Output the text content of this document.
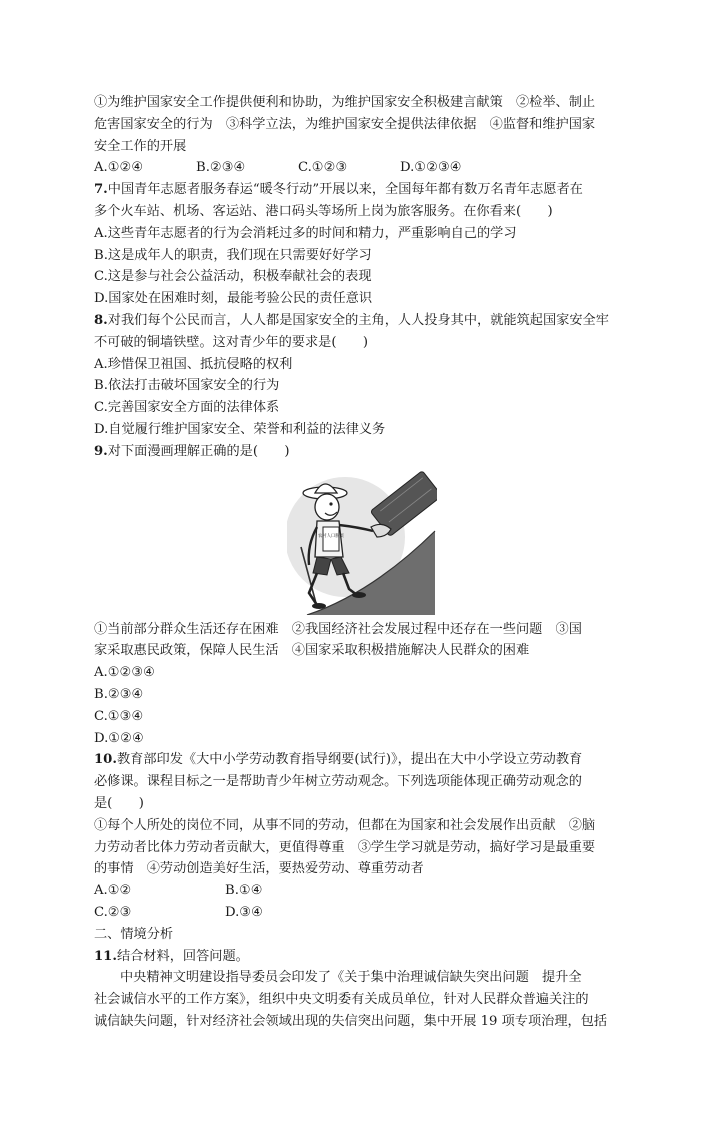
①为维护国家安全工作提供便利和协助，为维护国家安全积极建言献策　②检举、制止
危害国家安全的行为　③科学立法，为维护国家安全提供法律依据　④监督和维护国家
安全工作的开展
A.①②④	B.②③④	C.①②③	D.①②③④
7.中国青年志愿者服务春运“暖冬行动”开展以来，全国每年都有数万名青年志愿者在
多个火车站、机场、客运站、港口码头等场所上岗为旅客服务。在你看来(　　)
A.这些青年志愿者的行为会消耗过多的时间和精力，严重影响自己的学习
B.这是成年人的职责，我们现在只需要好好学习
C.这是参与社会公益活动，积极奉献社会的表现
D.国家处在困难时刻，最能考验公民的责任意识
8.对我们每个公民而言，人人都是国家安全的主角，人人投身其中，就能筑起国家安全牢
不可破的铜墙铁壁。这对青少年的要求是(　　)
A.珍惜保卫祖国、抵抗侵略的权利
B.依法打击破坏国家安全的行为
C.完善国家安全方面的法律体系
D.自觉履行维护国家安全、荣誉和利益的法律义务
9.对下面漫画理解正确的是(　　)
农村人口脱贫
①当前部分群众生活还存在困难　②我国经济社会发展过程中还存在一些问题　③国
家采取惠民政策，保障人民生活　④国家采取积极措施解决人民群众的困难
A.①②③④
B.②③④
C.①③④
D.①②④
10.教育部印发《大中小学劳动教育指导纲要(试行)》，提出在大中小学设立劳动教育
必修课。课程目标之一是帮助青少年树立劳动观念。下列选项能体现正确劳动观念的
是(　　)
①每个人所处的岗位不同，从事不同的劳动，但都在为国家和社会发展作出贡献　②脑
力劳动者比体力劳动者贡献大，更值得尊重　③学生学习就是劳动，搞好学习是最重要
的事情　④劳动创造美好生活，要热爱劳动、尊重劳动者
A.①②	B.①④
C.②③	D.③④
二、情境分析
11.结合材料，回答问题。
中央精神文明建设指导委员会印发了《关于集中治理诚信缺失突出问题　提升全
社会诚信水平的工作方案》，组织中央文明委有关成员单位，针对人民群众普遍关注的
诚信缺失问题，针对经济社会领域出现的失信突出问题，集中开展 19 项专项治理，包括
